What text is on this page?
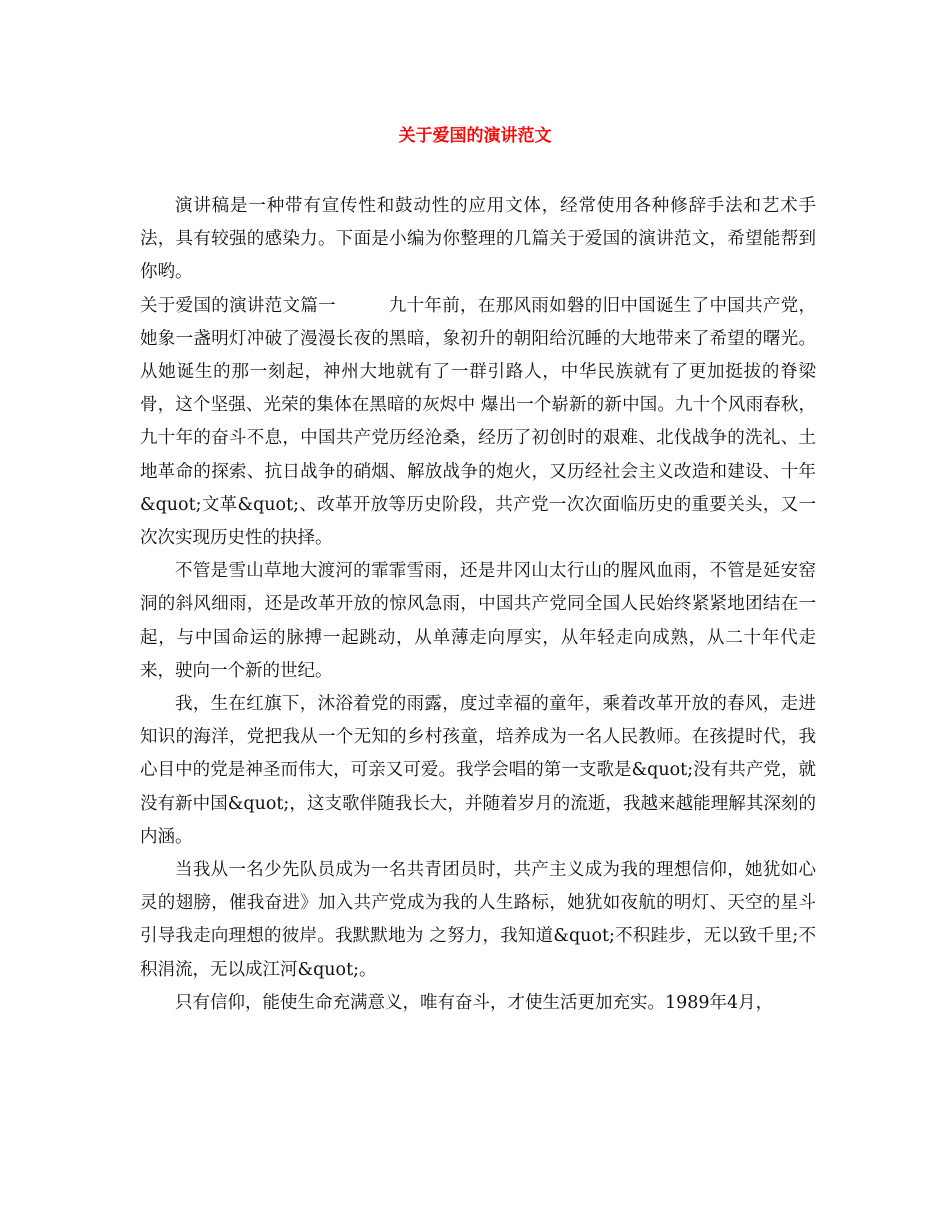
关于爱国的演讲范文

演讲稿是一种带有宣传性和鼓动性的应用文体，经常使用各种修辞手法和艺术手法，具有较强的感染力。下面是小编为你整理的几篇关于爱国的演讲范文，希望能帮到你哟。

关于爱国的演讲范文篇一	九十年前，在那风雨如磐的旧中国诞生了中国共产党，她象一盏明灯冲破了漫漫长夜的黑暗，象初升的朝阳给沉睡的大地带来了希望的曙光。从她诞生的那一刻起，神州大地就有了一群引路人，中华民族就有了更加挺拔的脊梁骨，这个坚强、光荣的集体在黑暗的灰烬中 爆出一个崭新的新中国。九十个风雨春秋，九十年的奋斗不息，中国共产党历经沧桑，经历了初创时的艰难、北伐战争的洗礼、土地革命的探索、抗日战争的硝烟、解放战争的炮火，又历经社会主义改造和建设、十年&quot;文革&quot;、改革开放等历史阶段，共产党一次次面临历史的重要关头，又一次次实现历史性的抉择。

不管是雪山草地大渡河的霏霏雪雨，还是井冈山太行山的腥风血雨，不管是延安窑洞的斜风细雨，还是改革开放的惊风急雨，中国共产党同全国人民始终紧紧地团结在一起，与中国命运的脉搏一起跳动，从单薄走向厚实，从年轻走向成熟，从二十年代走来，驶向一个新的世纪。

我，生在红旗下，沐浴着党的雨露，度过幸福的童年，乘着改革开放的春风，走进知识的海洋，党把我从一个无知的乡村孩童，培养成为一名人民教师。在孩提时代，我心目中的党是神圣而伟大，可亲又可爱。我学会唱的第一支歌是&quot;没有共产党，就没有新中国&quot;，这支歌伴随我长大，并随着岁月的流逝，我越来越能理解其深刻的内涵。

当我从一名少先队员成为一名共青团员时，共产主义成为我的理想信仰，她犹如心灵的翅膀，催我奋进》加入共产党成为我的人生路标，她犹如夜航的明灯、天空的星斗引导我走向理想的彼岸。我默默地为 之努力，我知道&quot;不积跬步，无以致千里;不积涓流，无以成江河&quot;。

只有信仰，能使生命充满意义，唯有奋斗，才使生活更加充实。1989年4月，
